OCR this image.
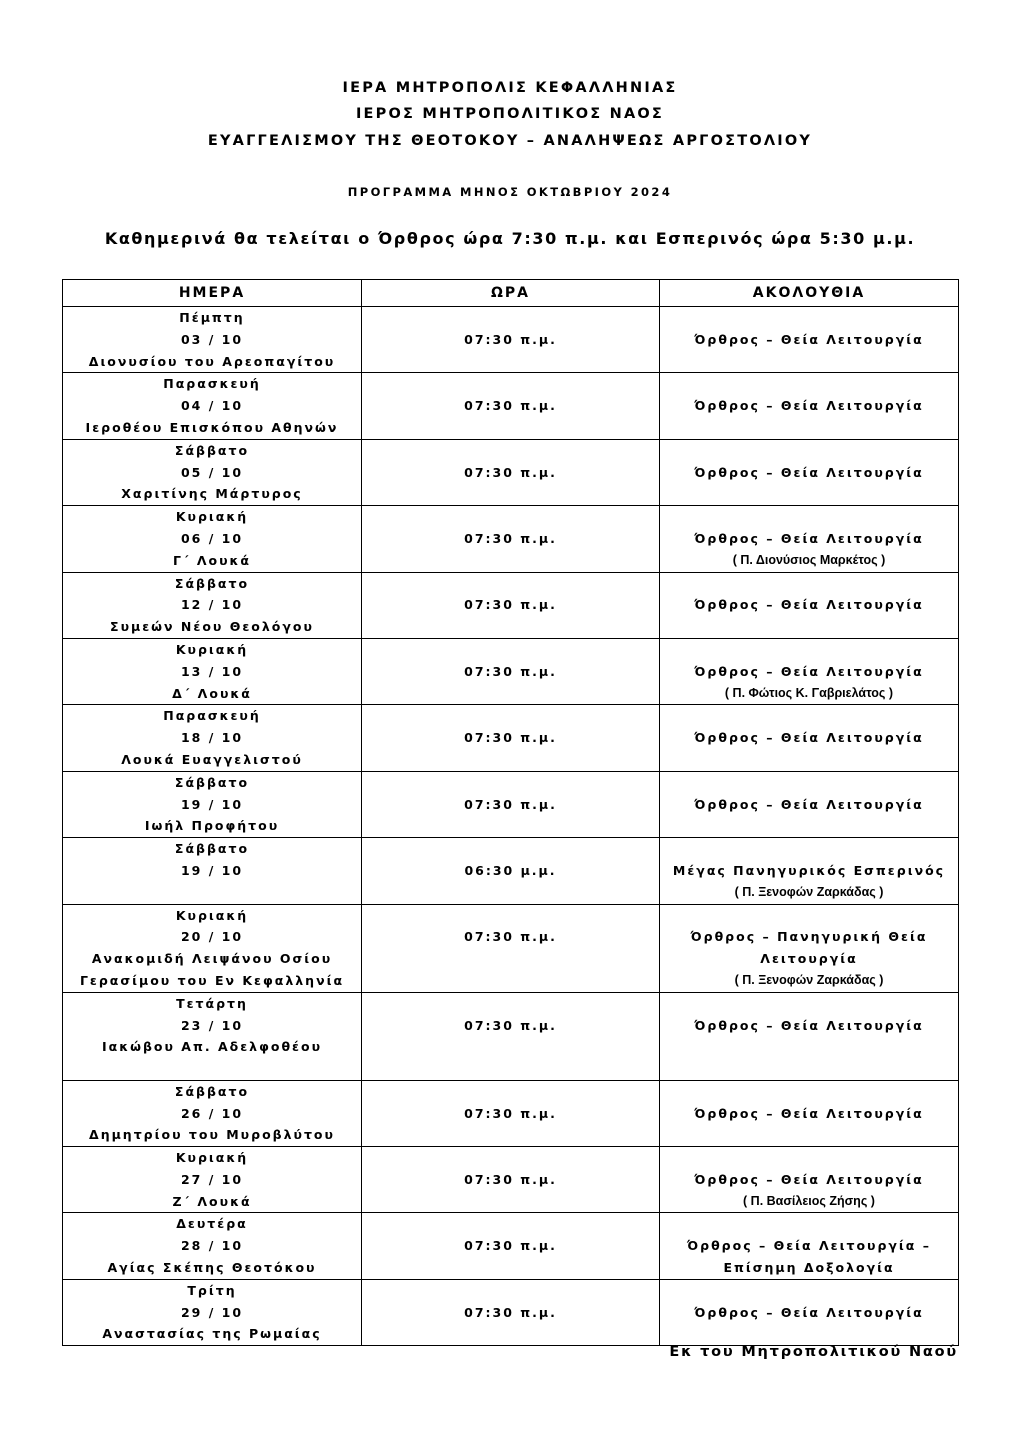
ΙΕΡΑ ΜΗΤΡΟΠΟΛΙΣ ΚΕΦΑΛΛΗΝΙΑΣ
ΙΕΡΟΣ ΜΗΤΡΟΠΟΛΙΤΙΚΟΣ ΝΑΟΣ
ΕΥΑΓΓΕΛΙΣΜΟΥ ΤΗΣ ΘΕΟΤΟΚΟΥ – ΑΝΑΛΗΨΕΩΣ ΑΡΓΟΣΤΟΛΙΟΥ
ΠΡΟΓΡΑΜΜΑ ΜΗΝΟΣ ΟΚΤΩΒΡΙΟΥ 2024
Καθημερινά θα τελείται ο Όρθρος ώρα 7:30 π.μ. και Εσπερινός ώρα 5:30 μ.μ.
ΗΜΕΡΑ	ΩΡΑ	ΑΚΟΛΟΥΘΙΑ

Πέμπτη
03 / 10
Διονυσίου του Αρεοπαγίτου	07:30 π.μ.	Όρθρος – Θεία Λειτουργία

Παρασκευή
04 / 10
Ιεροθέου Επισκόπου Αθηνών	07:30 π.μ.	Όρθρος – Θεία Λειτουργία

Σάββατο
05 / 10
Χαριτίνης Μάρτυρος	07:30 π.μ.	Όρθρος – Θεία Λειτουργία

Κυριακή
06 / 10
Γ΄ Λουκά	07:30 π.μ.	Όρθρος – Θεία Λειτουργία
( Π. Διονύσιος Μαρκέτος )

Σάββατο
12 / 10
Συμεών Νέου Θεολόγου	07:30 π.μ.	Όρθρος – Θεία Λειτουργία

Κυριακή
13 / 10
Δ΄ Λουκά	07:30 π.μ.	Όρθρος – Θεία Λειτουργία
( Π. Φώτιος Κ. Γαβριελάτος )

Παρασκευή
18 / 10
Λουκά Ευαγγελιστού	07:30 π.μ.	Όρθρος – Θεία Λειτουργία

Σάββατο
19 / 10
Ιωήλ Προφήτου	07:30 π.μ.	Όρθρος – Θεία Λειτουργία

Σάββατο
19 / 10	06:30 μ.μ.	Μέγας Πανηγυρικός Εσπερινός
( Π. Ξενοφών Ζαρκάδας )

Κυριακή
20 / 10
Ανακομιδή Λειψάνου Οσίου
Γερασίμου του Εν Κεφαλληνία	07:30 π.μ.	Όρθρος – Πανηγυρική Θεία
Λειτουργία
( Π. Ξενοφών Ζαρκάδας )

Τετάρτη
23 / 10
Ιακώβου Απ. Αδελφοθέου	07:30 π.μ.	Όρθρος – Θεία Λειτουργία

Σάββατο
26 / 10
Δημητρίου του Μυροβλύτου	07:30 π.μ.	Όρθρος – Θεία Λειτουργία

Κυριακή
27 / 10
Ζ΄ Λουκά	07:30 π.μ.	Όρθρος – Θεία Λειτουργία
( Π. Βασίλειος Ζήσης )

Δευτέρα
28 / 10
Αγίας Σκέπης Θεοτόκου	07:30 π.μ.	Όρθρος – Θεία Λειτουργία –
Επίσημη Δοξολογία

Τρίτη
29 / 10
Αναστασίας της Ρωμαίας	07:30 π.μ.	Όρθρος – Θεία Λειτουργία
Εκ του Μητροπολιτικού Ναού
